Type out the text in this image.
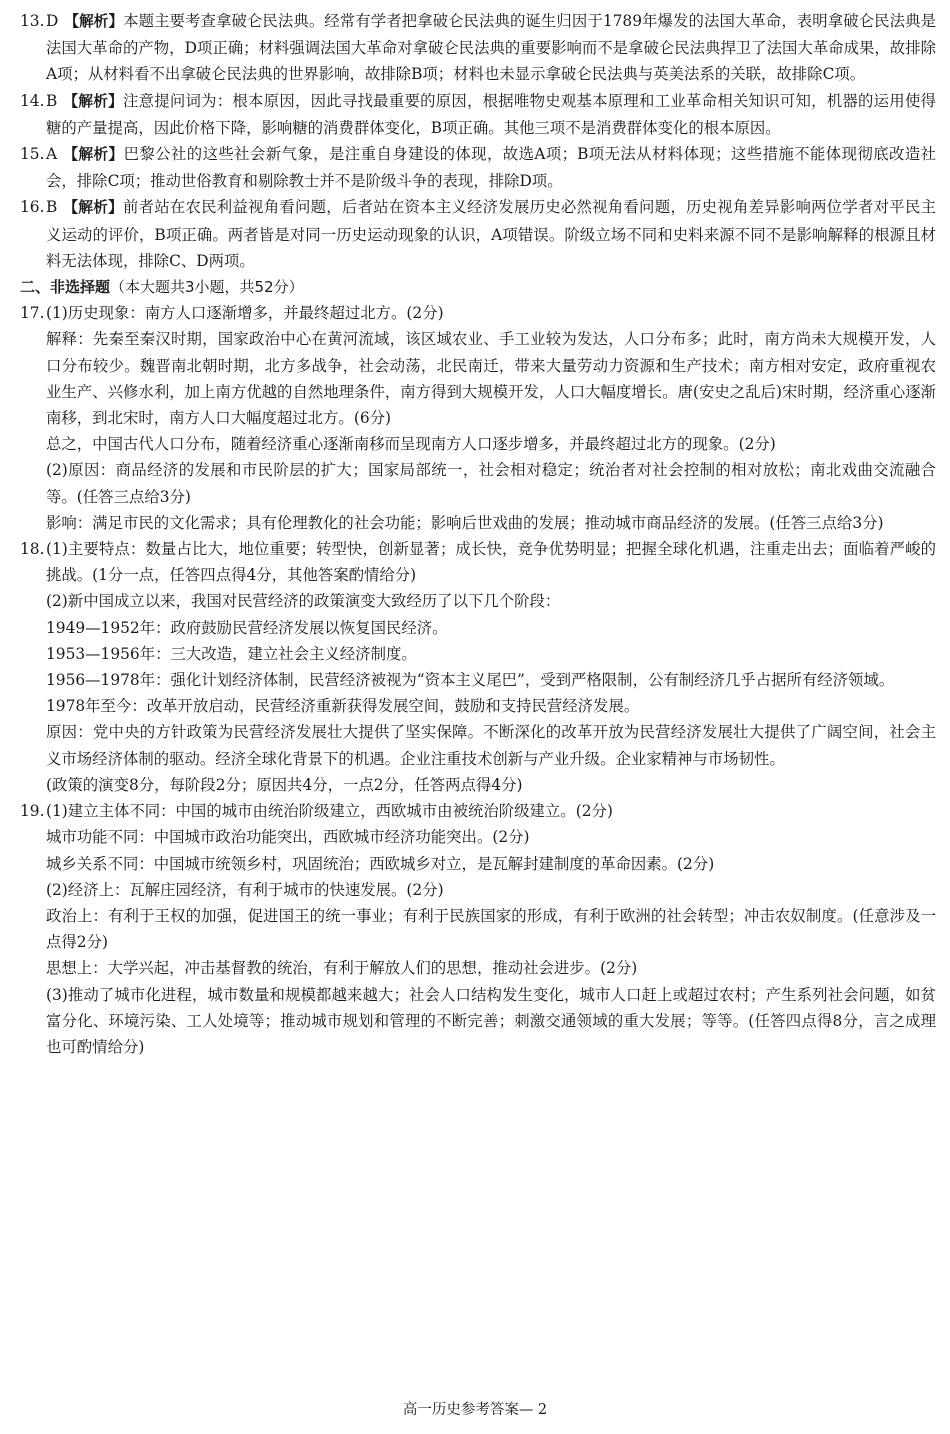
13. D 【解析】本题主要考查拿破仑民法典。经常有学者把拿破仑民法典的诞生归因于1789年爆发的法国大革命，表明拿破仑民法典是法国大革命的产物，D项正确；材料强调法国大革命对拿破仑民法典的重要影响而不是拿破仑民法典捍卫了法国大革命成果，故排除A项；从材料看不出拿破仑民法典的世界影响，故排除B项；材料也未显示拿破仑民法典与英美法系的关联，故排除C项。
14. B 【解析】注意提问词为：根本原因，因此寻找最重要的原因，根据唯物史观基本原理和工业革命相关知识可知，机器的运用使得糖的产量提高，因此价格下降，影响糖的消费群体变化，B项正确。其他三项不是消费群体变化的根本原因。
15. A 【解析】巴黎公社的这些社会新气象，是注重自身建设的体现，故选A项；B项无法从材料体现；这些措施不能体现彻底改造社会，排除C项；推动世俗教育和剔除教士并不是阶级斗争的表现，排除D项。
16. B 【解析】前者站在农民利益视角看问题，后者站在资本主义经济发展历史必然视角看问题，历史视角差异影响两位学者对平民主义运动的评价，B项正确。两者皆是对同一历史运动现象的认识，A项错误。阶级立场不同和史料来源不同不是影响解释的根源且材料无法体现，排除C、D两项。

二、非选择题（本大题共3小题，共52分）

17. (1)历史现象：南方人口逐渐增多，并最终超过北方。(2分)

解释：先秦至秦汉时期，国家政治中心在黄河流域，该区域农业、手工业较为发达，人口分布多；此时，南方尚未大规模开发，人口分布较少。魏晋南北朝时期，北方多战争，社会动荡，北民南迁，带来大量劳动力资源和生产技术；南方相对安定，政府重视农业生产、兴修水利，加上南方优越的自然地理条件，南方得到大规模开发，人口大幅度增长。唐(安史之乱后)宋时期，经济重心逐渐南移，到北宋时，南方人口大幅度超过北方。(6分)

总之，中国古代人口分布，随着经济重心逐渐南移而呈现南方人口逐步增多，并最终超过北方的现象。(2分)

(2)原因：商品经济的发展和市民阶层的扩大；国家局部统一，社会相对稳定；统治者对社会控制的相对放松；南北戏曲交流融合等。(任答三点给3分)

影响：满足市民的文化需求；具有伦理教化的社会功能；影响后世戏曲的发展；推动城市商品经济的发展。(任答三点给3分)

18. (1)主要特点：数量占比大，地位重要；转型快，创新显著；成长快，竞争优势明显；把握全球化机遇，注重走出去；面临着严峻的挑战。(1分一点，任答四点得4分，其他答案酌情给分)

(2)新中国成立以来，我国对民营经济的政策演变大致经历了以下几个阶段：

1949—1952年：政府鼓励民营经济发展以恢复国民经济。

1953—1956年：三大改造，建立社会主义经济制度。

1956—1978年：强化计划经济体制，民营经济被视为“资本主义尾巴”，受到严格限制，公有制经济几乎占据所有经济领域。

1978年至今：改革开放启动，民营经济重新获得发展空间，鼓励和支持民营经济发展。

原因：党中央的方针政策为民营经济发展壮大提供了坚实保障。不断深化的改革开放为民营经济发展壮大提供了广阔空间，社会主义市场经济体制的驱动。经济全球化背景下的机遇。企业注重技术创新与产业升级。企业家精神与市场韧性。

(政策的演变8分，每阶段2分；原因共4分，一点2分，任答两点得4分)

19. (1)建立主体不同：中国的城市由统治阶级建立，西欧城市由被统治阶级建立。(2分)

城市功能不同：中国城市政治功能突出，西欧城市经济功能突出。(2分)

城乡关系不同：中国城市统领乡村，巩固统治；西欧城乡对立，是瓦解封建制度的革命因素。(2分)

(2)经济上：瓦解庄园经济，有利于城市的快速发展。(2分)

政治上：有利于王权的加强，促进国王的统一事业；有利于民族国家的形成，有利于欧洲的社会转型；冲击农奴制度。(任意涉及一点得2分)

思想上：大学兴起，冲击基督教的统治，有利于解放人们的思想，推动社会进步。(2分)

(3)推动了城市化进程，城市数量和规模都越来越大；社会人口结构发生变化，城市人口赶上或超过农村；产生系列社会问题，如贫富分化、环境污染、工人处境等；推动城市规划和管理的不断完善；刺激交通领域的重大发展；等等。(任答四点得8分，言之成理也可酌情给分)

高一历史参考答案— 2
